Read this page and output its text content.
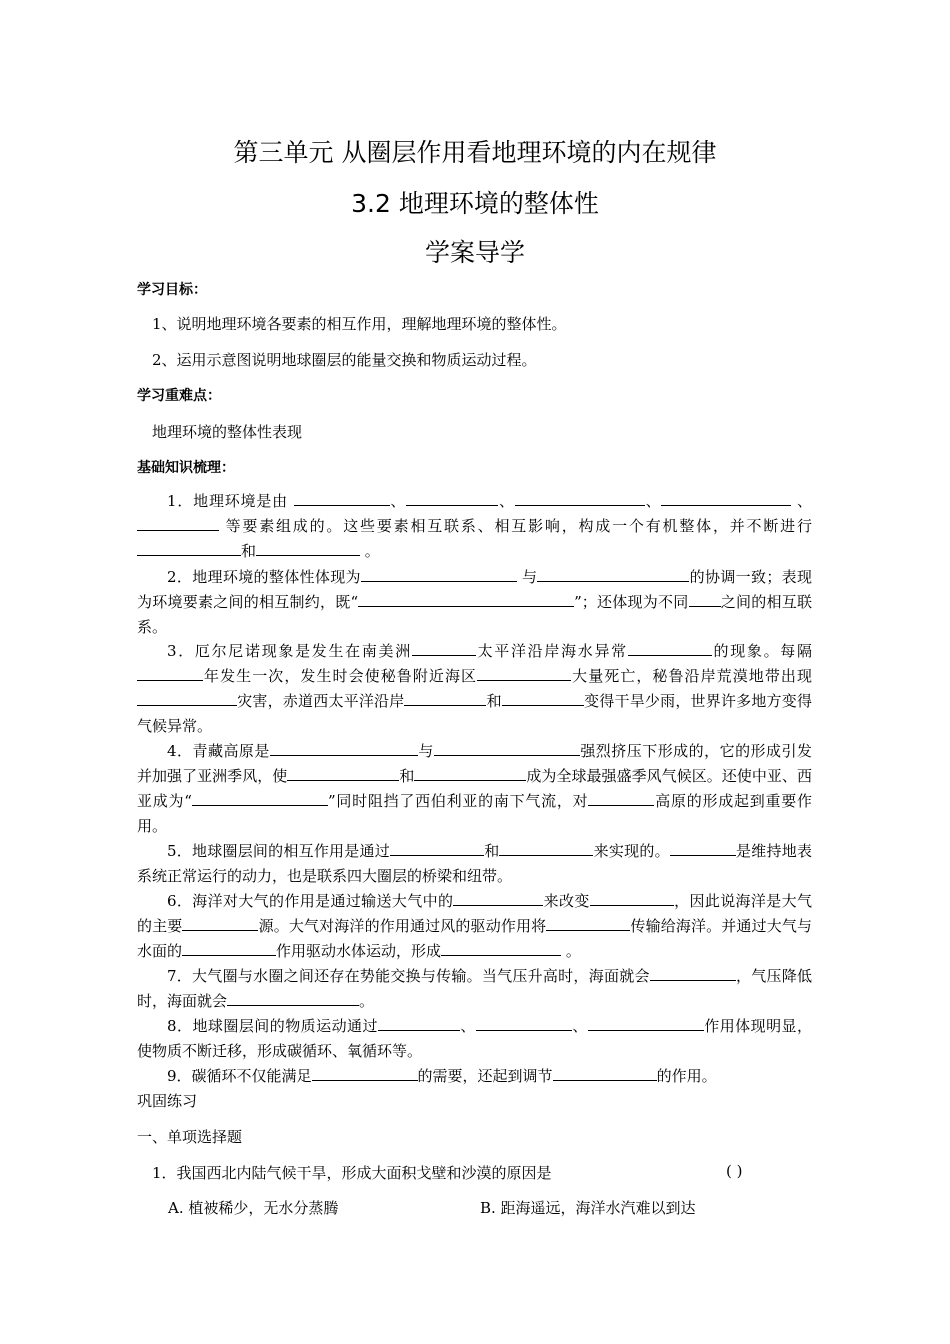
第三单元 从圈层作用看地理环境的内在规律
3.2 地理环境的整体性
学案导学
学习目标：
1、说明地理环境各要素的相互作用，理解地理环境的整体性。
2、运用示意图说明地球圈层的能量交换和物质运动过程。
学习重难点：
地理环境的整体性表现
基础知识梳理：
1．地理环境是由	、	、	、	、 等要素组成的。这些要素相互联系、相互影响，构成一个有机整体，并不断进行和	。
2．地理环境的整体性体现为	与	的协调一致；表现为环境要素之间的相互制约，既“	”；还体现为不同 之间的相互联系。
3．厄尔尼诺现象是发生在南美洲	太平洋沿岸海水异常	的现象。每隔年发生一次，发生时会使秘鲁附近海区	大量死亡，秘鲁沿岸荒漠地带出现灾害，赤道西太平洋沿岸	和	变得干旱少雨，世界许多地方变得气候异常。
4．青藏高原是	与	强烈挤压下形成的，它的形成引发并加强了亚洲季风，使	和	成为全球最强盛季风气候区。还使中亚、西亚成为“	”同时阻挡了西伯利亚的南下气流，对	高原的形成起到重要作用。
5．地球圈层间的相互作用是通过	和	来实现的。	是维持地表系统正常运行的动力，也是联系四大圈层的桥梁和纽带。
6．海洋对大气的作用是通过输送大气中的	来改变	，因此说海洋是大气的主要	源。大气对海洋的作用通过风的驱动作用将	传输给海洋。并通过大气与水面的	作用驱动水体运动，形成	。
7．大气圈与水圈之间还存在势能交换与传输。当气压升高时，海面就会	，气压降低时，海面就会	。
8．地球圈层间的物质运动通过	、	、	作用体现明显，使物质不断迁移，形成碳循环、氧循环等。
9．碳循环不仅能满足	的需要，还起到调节	的作用。
巩固练习
一、单项选择题
1．我国西北内陆气候干旱，形成大面积戈壁和沙漠的原因是	( )
A. 植被稀少，无水分蒸腾	B. 距海遥远，海洋水汽难以到达
